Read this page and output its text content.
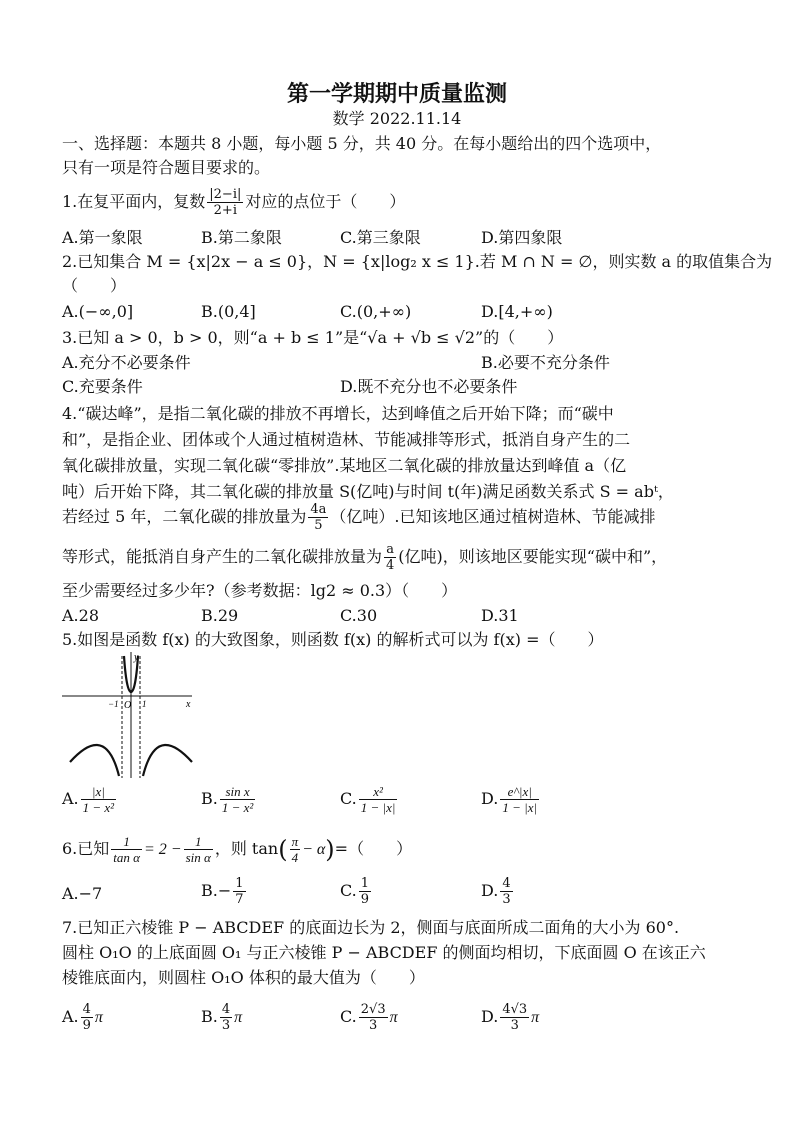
第一学期期中质量监测
数学 2022.11.14
一、选择题：本题共 8 小题，每小题 5 分，共 40 分。在每小题给出的四个选项中，
只有一项是符合题目要求的。
1.在复平面内，复数 $\frac{|2-i|}{2+i}$ 对应的点位于（　　）
A.第一象限	B.第二象限	C.第三象限	D.第四象限
2.已知集合 M = {x|2x − a ≤ 0}，N = {x|log₂ x ≤ 1}.若 M ∩ N = ∅，则实数 a 的取值集合为
（　　）
A.(−∞,0]	B.(0,4]	C.(0,+∞)	D.[4,+∞)
3.已知 a > 0，b > 0，则“a + b ≤ 1”是“√a + √b ≤ √2”的（　　）
A.充分不必要条件	B.必要不充分条件
C.充要条件	D.既不充分也不必要条件
4.“碳达峰”，是指二氧化碳的排放不再增长，达到峰值之后开始下降；而“碳中
和”，是指企业、团体或个人通过植树造林、节能减排等形式，抵消自身产生的二
氧化碳排放量，实现二氧化碳“零排放”.某地区二氧化碳的排放量达到峰值 a（亿
吨）后开始下降，其二氧化碳的排放量 S(亿吨)与时间 t(年)满足函数关系式 S = abᵗ，
若经过 5 年，二氧化碳的排放量为 $\frac{4a}{5}$ （亿吨）.已知该地区通过植树造林、节能减排
等形式，能抵消自身产生的二氧化碳排放量为 $\frac{a}{4}$ (亿吨)，则该地区要能实现“碳中和”，
至少需要经过多少年?（参考数据：lg2 ≈ 0.3）（　　）
A.28	B.29	C.30	D.31
5.如图是函数 f(x) 的大致图象，则函数 f(x) 的解析式可以为 f(x) =（　　）
y
x
O
−1	1
A. $\frac{|x|}{\text{1 − x²}}$	B. $\frac{\text{sin x}}{\text{1 − x²}}$	C. $\frac{\text{x²}}{1 - |x|}$	D. $\frac{e\^{}|x|}{1 - |x|}$
6.已知 $\frac{1}{\text{tan α}} = 2 - \frac{1}{\text{sin α}}$ ，则 $\tan( \frac{\pi}{4} - \alpha)=$（　　）
A.−7	$B.- \frac{1}{7}$	C. $\frac{1}{9}$	D. $\frac{4}{3}$
7.已知正六棱锥 P − ABCDEF 的底面边长为 2，侧面与底面所成二面角的大小为 60°.
圆柱 O₁O 的上底面圆 O₁ 与正六棱锥 P − ABCDEF 的侧面均相切，下底面圆 O 在该正六
棱锥底面内，则圆柱 O₁O 体积的最大值为（　　）
A. $\frac{4}{9}$ π	B. $\frac{4}{3}$ π	C. $\frac{2√3}{3}$ π	D. $\frac{4√3}{3}$ π
